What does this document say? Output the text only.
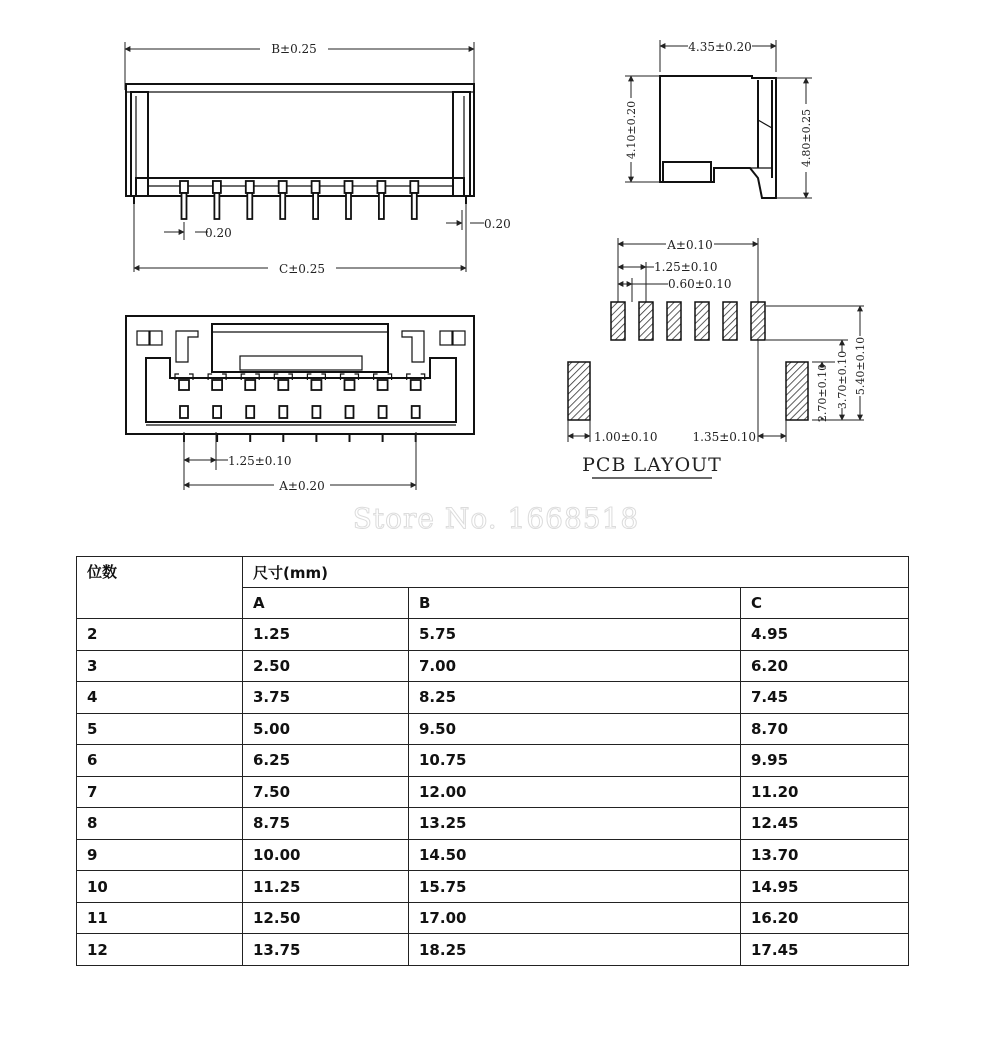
B±0.25
0.20
0.20
C±0.25
4.35±0.20
4.10±0.20	4.80±0.25
1.25±0.10
A±0.20
A±0.10
1.25±0.10
0.60±0.10
1.00±0.10	1.35±0.10
2.70±0.10 3.70±0.10 5.40±0.10
PCB LAYOUT
Store No. 1668518
位数	尺寸(mm)		
	A	B	C
2	1.25	5.75	4.95
3	2.50	7.00	6.20
4	3.75	8.25	7.45
5	5.00	9.50	8.70
6	6.25	10.75	9.95
7	7.50	12.00	11.20
8	8.75	13.25	12.45
9	10.00	14.50	13.70
10	11.25	15.75	14.95
11	12.50	17.00	16.20
12	13.75	18.25	17.45
